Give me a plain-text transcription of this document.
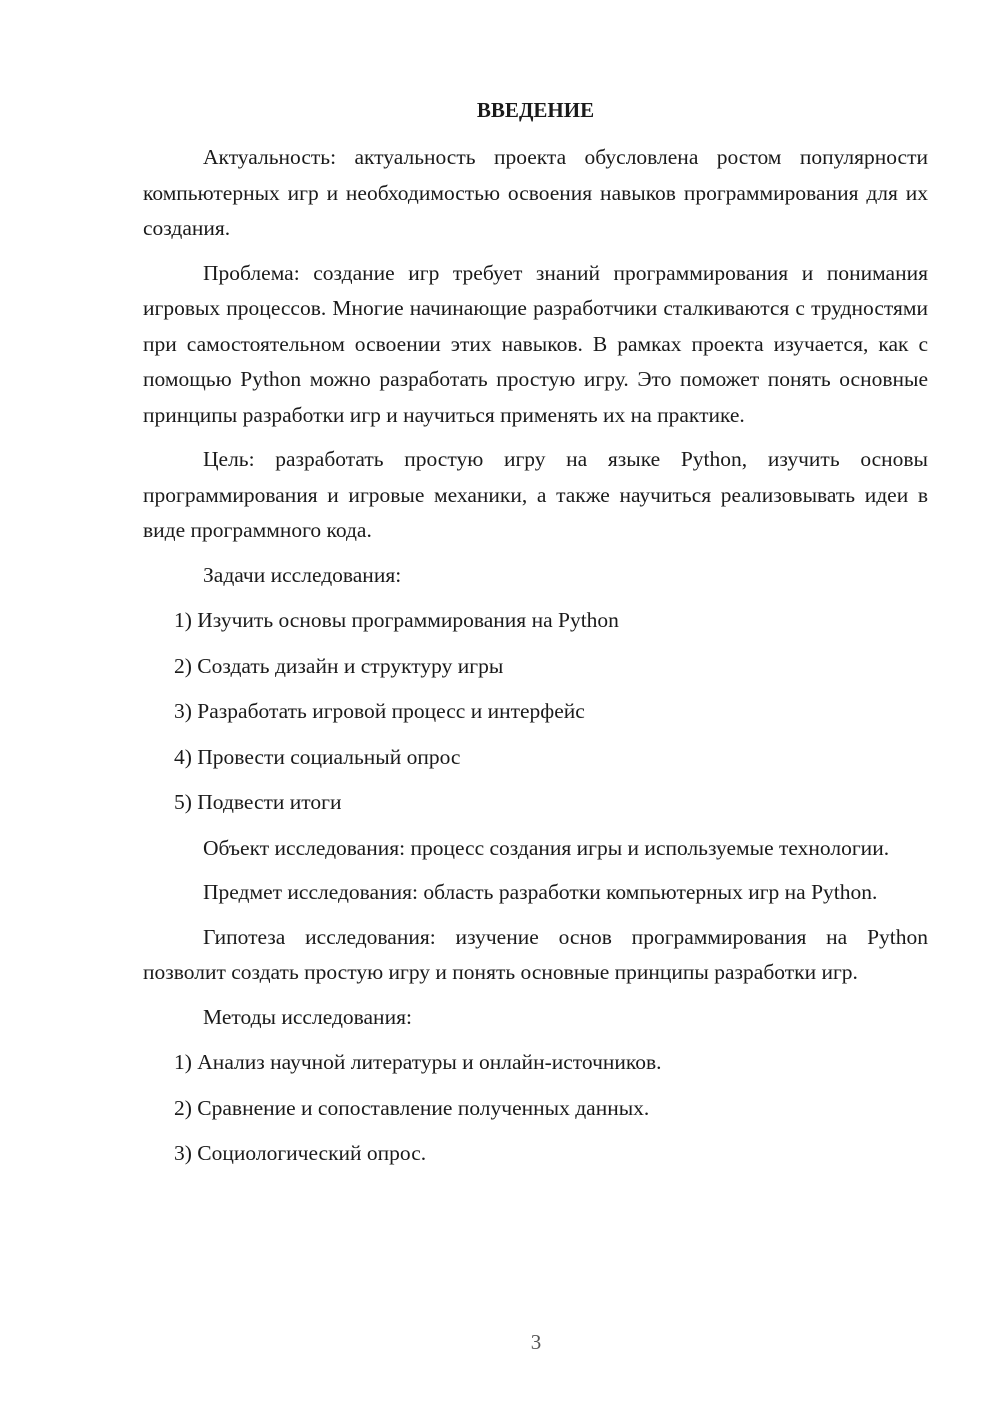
ВВЕДЕНИЕ

Актуальность: актуальность проекта обусловлена ростом популярности компьютерных игр и необходимостью освоения навыков программирования для их создания.

Проблема: создание игр требует знаний программирования и понимания игровых процессов. Многие начинающие разработчики сталкиваются с трудностями при самостоятельном освоении этих навыков. В рамках проекта изучается, как с помощью Python можно разработать простую игру. Это поможет понять основные принципы разработки игр и научиться применять их на практике.

Цель: разработать простую игру на языке Python, изучить основы программирования и игровые механики, а также научиться реализовывать идеи в виде программного кода.

Задачи исследования:
1) Изучить основы программирования на Python
2) Создать дизайн и структуру игры
3) Разработать игровой процесс и интерфейс
4) Провести социальный опрос
5) Подвести итоги

Объект исследования: процесс создания игры и используемые технологии.

Предмет исследования: область разработки компьютерных игр на Python.

Гипотеза исследования: изучение основ программирования на Python позволит создать простую игру и понять основные принципы разработки игр.

Методы исследования:
1) Анализ научной литературы и онлайн-источников.
2) Сравнение и сопоставление полученных данных.
3) Социологический опрос.
3
